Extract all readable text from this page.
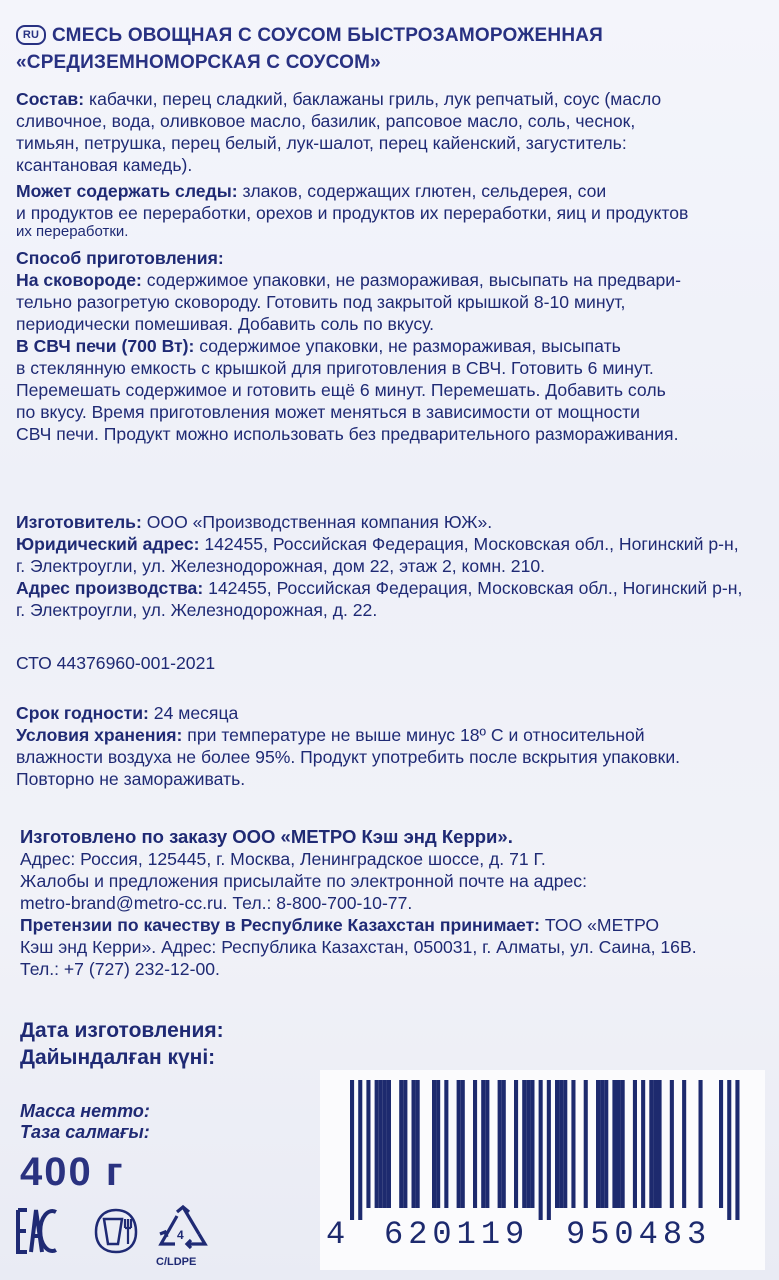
RU СМЕСЬ ОВОЩНАЯ С СОУСОМ БЫСТРОЗАМОРОЖЕННАЯ
«СРЕДИЗЕМНОМОРСКАЯ С СОУСОМ»
Состав: кабачки, перец сладкий, баклажаны гриль, лук репчатый, соус (масло
сливочное, вода, оливковое масло, базилик, рапсовое масло, соль, чеснок,
тимьян, петрушка, перец белый, лук-шалот, перец кайенский, загуститель:
ксантановая камедь).
Может содержать следы: злаков, содержащих глютен, сельдерея, сои
и продуктов ее переработки, орехов и продуктов их переработки, яиц и продуктов
их переработки.
Способ приготовления:
На сковороде: содержимое упаковки, не размораживая, высыпать на предвари-
тельно разогретую сковороду. Готовить под закрытой крышкой 8-10 минут,
периодически помешивая. Добавить соль по вкусу.
В СВЧ печи (700 Вт): содержимое упаковки, не размораживая, высыпать
в стеклянную емкость с крышкой для приготовления в СВЧ. Готовить 6 минут.
Перемешать содержимое и готовить ещё 6 минут. Перемешать. Добавить соль
по вкусу. Время приготовления может меняться в зависимости от мощности
СВЧ печи. Продукт можно использовать без предварительного размораживания.
Изготовитель: ООО «Производственная компания ЮЖ».
Юридический адрес: 142455, Российская Федерация, Московская обл., Ногинский р-н,
г. Электроугли, ул. Железнодорожная, дом 22, этаж 2, комн. 210.
Адрес производства: 142455, Российская Федерация, Московская обл., Ногинский р-н,
г. Электроугли, ул. Железнодорожная, д. 22.
СТО 44376960-001-2021
Срок годности: 24 месяца
Условия хранения: при температуре не выше минус 18º С и относительной
влажности воздуха не более 95%. Продукт употребить после вскрытия упаковки.
Повторно не замораживать.
Изготовлено по заказу ООО «МЕТРО Кэш энд Керри».
Адрес: Россия, 125445, г. Москва, Ленинградское шоссе, д. 71 Г.
Жалобы и предложения присылайте по электронной почте на адрес:
metro-brand@metro-cc.ru. Тел.: 8-800-700-10-77.
Претензии по качеству в Республике Казахстан принимает: ТОО «МЕТРО
Кэш энд Керри». Адрес: Республика Казахстан, 050031, г. Алматы, ул. Саина, 16В.
Тел.: +7 (727) 232-12-00.
Дата изготовления:
Дайындалған күні:
Масса нетто:
Таза салмағы:
400 г
4
C/LDPE
4 620119 950483
